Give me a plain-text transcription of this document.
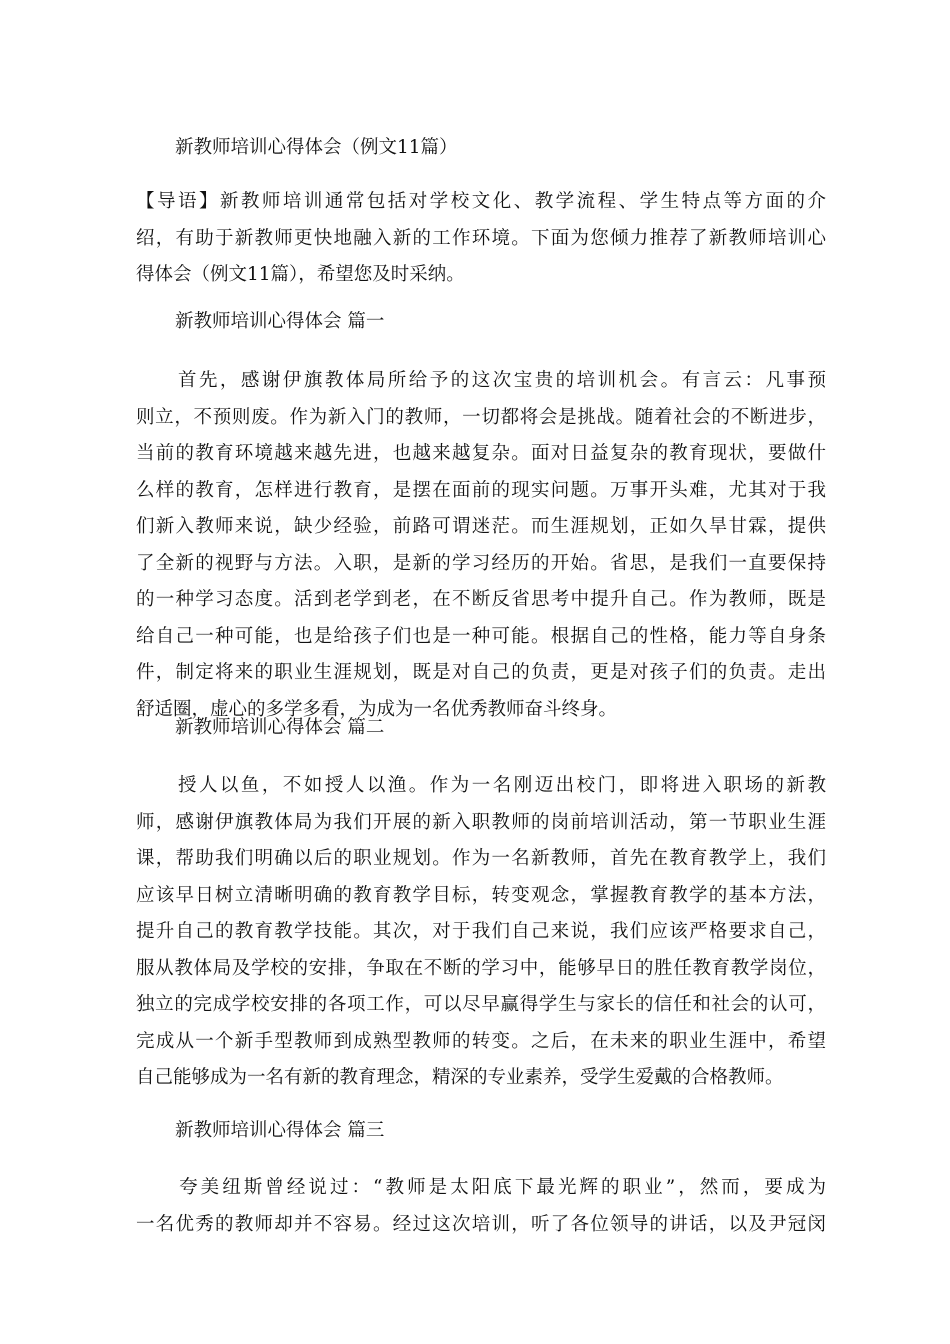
新教师培训心得体会（例文11篇）
【导语】新教师培训通常包括对学校文化、教学流程、学生特点等方面的介
绍，有助于新教师更快地融入新的工作环境。下面为您倾力推荐了新教师培训心
得体会（例文11篇），希望您及时采纳。
新教师培训心得体会 篇一
　　首先，感谢伊旗教体局所给予的这次宝贵的培训机会。有言云：凡事预
则立，不预则废。作为新入门的教师，一切都将会是挑战。随着社会的不断进步，
当前的教育环境越来越先进，也越来越复杂。面对日益复杂的教育现状，要做什
么样的教育，怎样进行教育，是摆在面前的现实问题。万事开头难，尤其对于我
们新入教师来说，缺少经验，前路可谓迷茫。而生涯规划，正如久旱甘霖，提供
了全新的视野与方法。入职，是新的学习经历的开始。省思，是我们一直要保持
的一种学习态度。活到老学到老，在不断反省思考中提升自己。作为教师，既是
给自己一种可能，也是给孩子们也是一种可能。根据自己的性格，能力等自身条
件，制定将来的职业生涯规划，既是对自己的负责，更是对孩子们的负责。走出
舒适圈，虚心的多学多看，为成为一名优秀教师奋斗终身。
新教师培训心得体会 篇二
　　授人以鱼，不如授人以渔。作为一名刚迈出校门，即将进入职场的新教
师，感谢伊旗教体局为我们开展的新入职教师的岗前培训活动，第一节职业生涯
课，帮助我们明确以后的职业规划。作为一名新教师，首先在教育教学上，我们
应该早日树立清晰明确的教育教学目标，转变观念，掌握教育教学的基本方法，
提升自己的教育教学技能。其次，对于我们自己来说，我们应该严格要求自己，
服从教体局及学校的安排，争取在不断的学习中，能够早日的胜任教育教学岗位，
独立的完成学校安排的各项工作，可以尽早赢得学生与家长的信任和社会的认可，
完成从一个新手型教师到成熟型教师的转变。之后，在未来的职业生涯中，希望
自己能够成为一名有新的教育理念，精深的专业素养，受学生爱戴的合格教师。
新教师培训心得体会 篇三
　　夸美纽斯曾经说过：“教师是太阳底下最光辉的职业”，然而，要成为
一名优秀的教师却并不容易。经过这次培训，听了各位领导的讲话，以及尹冠闵
